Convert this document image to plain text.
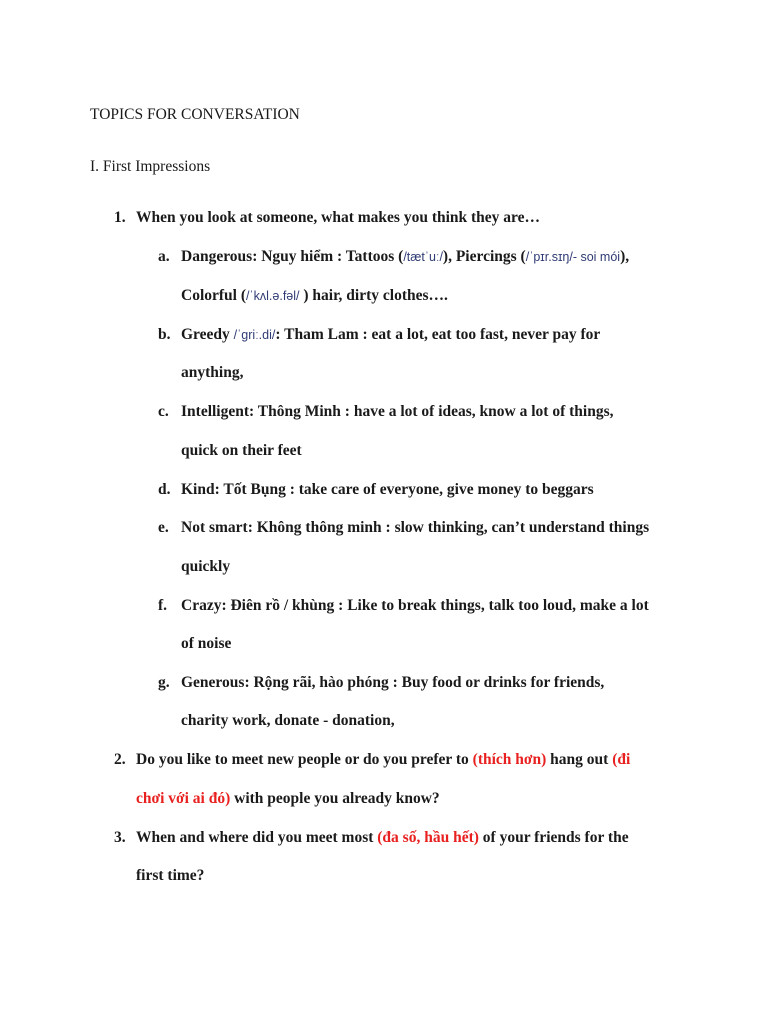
TOPICS FOR CONVERSATION
I. First Impressions
1. When you look at someone, what makes you think they are…
a. Dangerous: Nguy hiểm : Tattoos (/tætˈuː/), Piercings (/ˈpɪr.sɪŋ/- soi mói),
Colorful (/ˈkʌl.ə.fəl/ ) hair, dirty clothes….
b. Greedy /ˈgriː.di/: Tham Lam : eat a lot, eat too fast, never pay for
anything,
c. Intelligent: Thông Minh : have a lot of ideas, know a lot of things,
quick on their feet
d. Kind: Tốt Bụng : take care of everyone, give money to beggars
e. Not smart: Không thông minh : slow thinking, can’t understand things
quickly
f. Crazy: Điên rồ / khùng : Like to break things, talk too loud, make a lot
of noise
g. Generous: Rộng rãi, hào phóng : Buy food or drinks for friends,
charity work, donate - donation,
2. Do you like to meet new people or do you prefer to (thích hơn) hang out (đi
chơi với ai đó) with people you already know?
3. When and where did you meet most (đa số, hầu hết) of your friends for the
first time?
